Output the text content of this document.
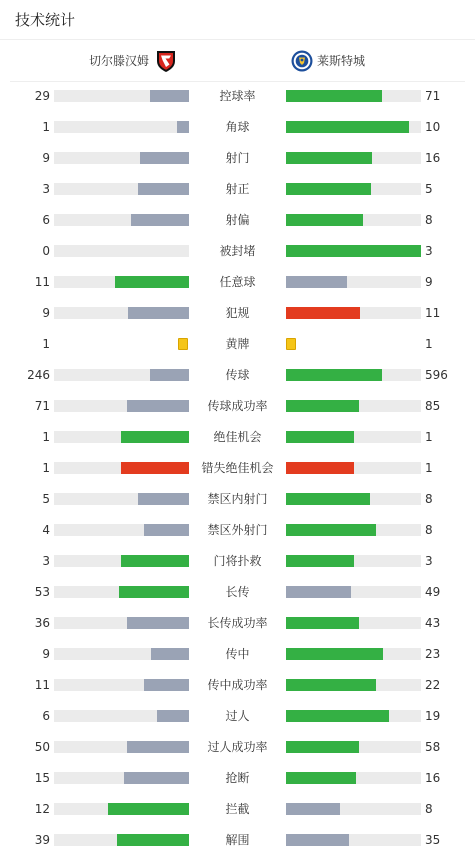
技术统计
切尔滕汉姆	莱斯特城
29	控球率	71
1	角球	10
9	射门	16
3	射正	5
6	射偏	8
0	被封堵	3
11	任意球	9
9	犯规	11
1	黄牌	1
246	传球	596
71	传球成功率	85
1	绝佳机会	1
1	错失绝佳机会	1
5	禁区内射门	8
4	禁区外射门	8
3	门将扑救	3
53	长传	49
36	长传成功率	43
9	传中	23
11	传中成功率	22
6	过人	19
50	过人成功率	58
15	抢断	16
12	拦截	8
39	解围	35
